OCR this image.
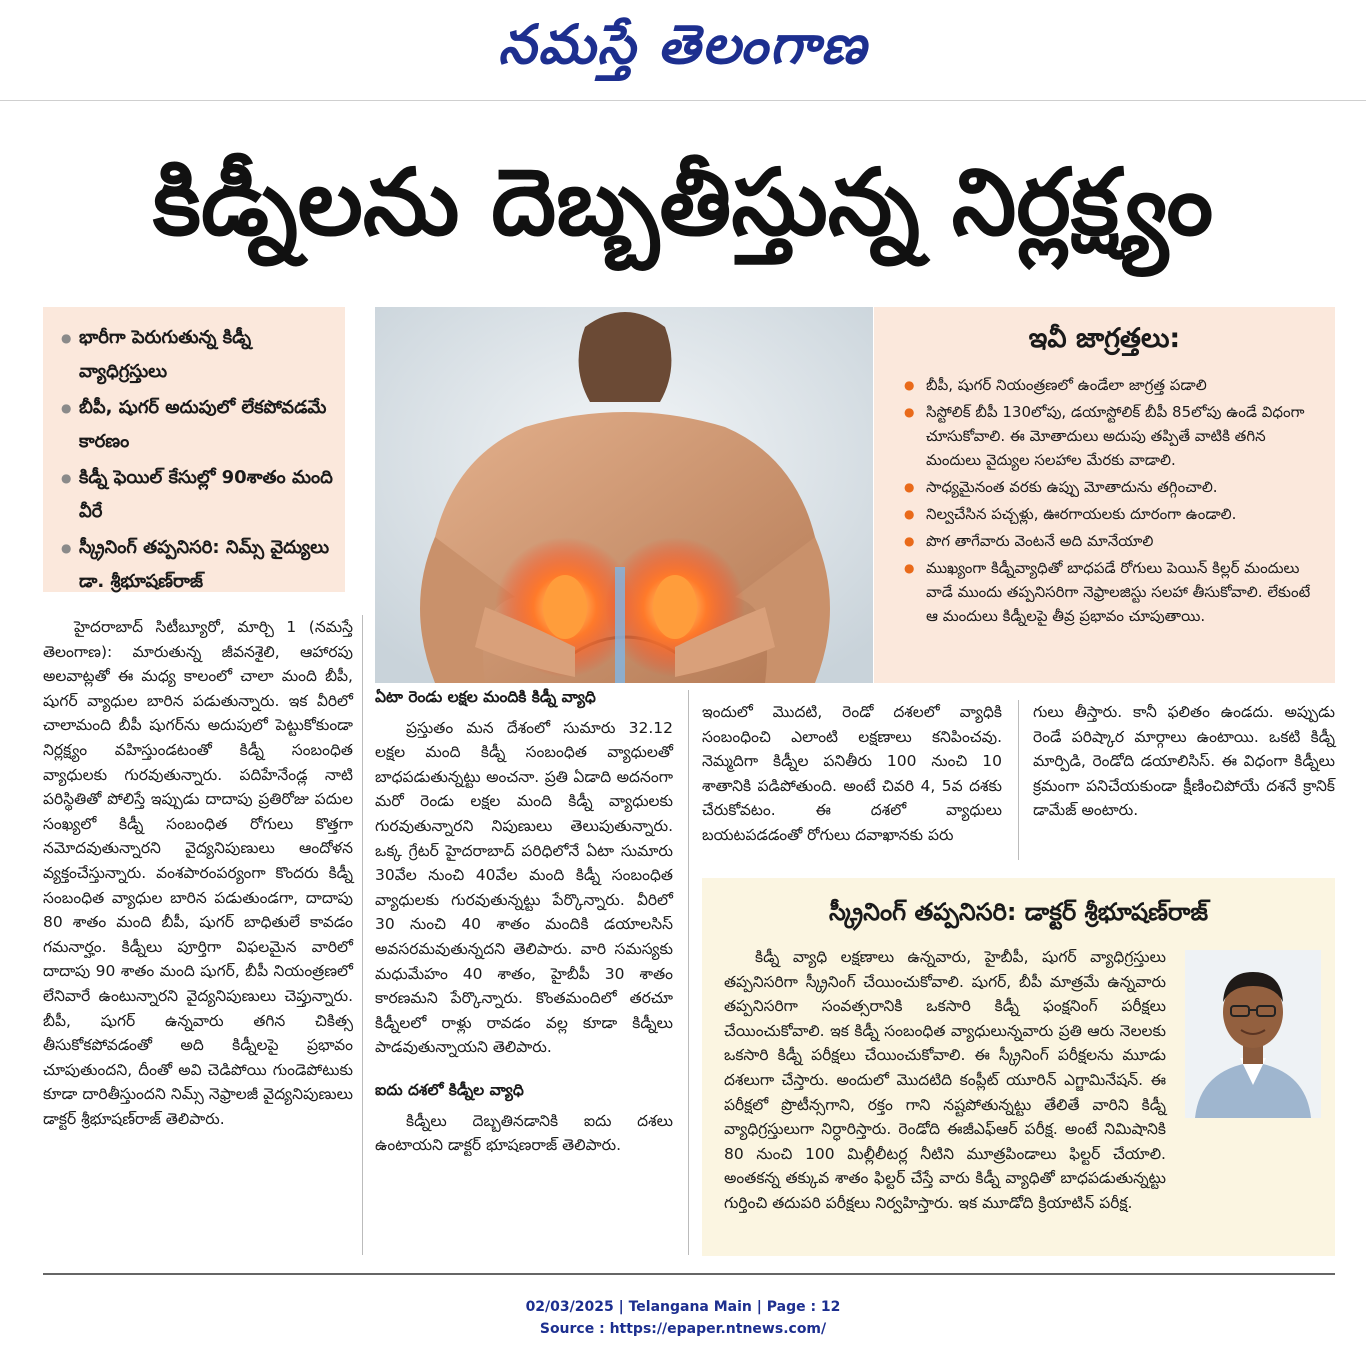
నమస్తే తెలంగాణ
కిడ్నీలను దెబ్బతీస్తున్న నిర్లక్ష్యం
● భారీగా పెరుగుతున్న కిడ్నీ వ్యాధిగ్రస్తులు
● బీపీ, షుగర్ అదుపులో లేకపోవడమే కారణం
● కిడ్నీ ఫెయిల్ కేసుల్లో 90శాతం మంది వీరే
● స్క్రీనింగ్ తప్పనిసరి: నిమ్స్ వైద్యులు డా. శ్రీభూషణ్‌రాజ్
ఇవీ జాగ్రత్తలు:
● బీపీ, షుగర్ నియంత్రణలో ఉండేలా జాగ్రత్త పడాలి
● సిస్టోలిక్ బీపీ 130లోపు, డయాస్టోలిక్ బీపీ 85లోపు ఉండే విధంగా చూసుకోవాలి. ఈ మోతాదులు అదుపు తప్పితే వాటికి తగిన మందులు వైద్యుల సలహాల మేరకు వాడాలి.
● సాధ్యమైనంత వరకు ఉప్పు మోతాదును తగ్గించాలి.
● నిల్వచేసిన పచ్చళ్లు, ఊరగాయలకు దూరంగా ఉండాలి.
● పొగ తాగేవారు వెంటనే అది మానేయాలి
● ముఖ్యంగా కిడ్నీవ్యాధితో బాధపడే రోగులు పెయిన్ కిల్లర్ మందులు వాడే ముందు తప్పనిసరిగా నెఫ్రాలజిస్టు సలహా తీసుకోవాలి. లేకుంటే ఆ మందులు కిడ్నీలపై తీవ్ర ప్రభావం చూపుతాయి.

హైదరాబాద్ సిటీబ్యూరో, మార్చి 1 (నమస్తే తెలంగాణ): మారుతున్న జీవనశైలి, ఆహారపు అలవాట్లతో ఈ మధ్య కాలంలో చాలా మంది బీపీ, షుగర్ వ్యాధుల బారిన పడుతున్నారు. ఇక వీరిలో చాలామంది బీపీ షుగర్‌ను అదుపులో పెట్టుకోకుండా నిర్లక్ష్యం వహిస్తుండటంతో కిడ్నీ సంబంధిత వ్యాధులకు గురవుతున్నారు. పదిహేనేండ్ల నాటి పరిస్థితితో పోలిస్తే ఇప్పుడు దాదాపు ప్రతిరోజు పదుల సంఖ్యలో కిడ్నీ సంబంధిత రోగులు కొత్తగా నమోదవుతున్నారని వైద్యనిపుణులు ఆందోళన వ్యక్తంచేస్తున్నారు. వంశపారంపర్యంగా కొందరు కిడ్నీ సంబంధిత వ్యాధుల బారిన పడుతుండగా, దాదాపు 80 శాతం మంది బీపీ, షుగర్ బాధితులే కావడం గమనార్హం. కిడ్నీలు పూర్తిగా విఫలమైన వారిలో దాదాపు 90 శాతం మంది షుగర్, బీపీ నియంత్రణలో లేనివారే ఉంటున్నారని వైద్యనిపుణులు చెప్తున్నారు. బీపీ, షుగర్ ఉన్నవారు తగిన చికిత్స తీసుకోకపోవడంతో అది కిడ్నీలపై ప్రభావం చూపుతుందని, దీంతో అవి చెడిపోయి గుండెపోటుకు కూడా దారితీస్తుందని నిమ్స్ నెఫ్రాలజీ వైద్యనిపుణులు డాక్టర్ శ్రీభూషణ్‌రాజ్ తెలిపారు.

ఏటా రెండు లక్షల మందికి కిడ్నీ వ్యాధి

ప్రస్తుతం మన దేశంలో సుమారు 32.12 లక్షల మంది కిడ్నీ సంబంధిత వ్యాధులతో బాధపడుతున్నట్టు అంచనా. ప్రతి ఏడాది అదనంగా మరో రెండు లక్షల మంది కిడ్నీ వ్యాధులకు గురవుతున్నారని నిపుణులు తెలుపుతున్నారు. ఒక్క గ్రేటర్ హైదరాబాద్ పరిధిలోనే ఏటా సుమారు 30వేల నుంచి 40వేల మంది కిడ్నీ సంబంధిత వ్యాధులకు గురవుతున్నట్టు పేర్కొన్నారు. వీరిలో 30 నుంచి 40 శాతం మందికి డయాలసిస్ అవసరమవుతున్నదని తెలిపారు. వారి సమస్యకు మధుమేహం 40 శాతం, హైబీపీ 30 శాతం కారణమని పేర్కొన్నారు. కొంతమందిలో తరచూ కిడ్నీలలో రాళ్లు రావడం వల్ల కూడా కిడ్నీలు పాడవుతున్నాయని తెలిపారు.

ఐదు దశలో కిడ్నీల వ్యాధి

కిడ్నీలు దెబ్బతినడానికి ఐదు దశలు ఉంటాయని డాక్టర్ భూషణరాజ్ తెలిపారు.

ఇందులో మొదటి, రెండో దశలలో వ్యాధికి సంబంధించి ఎలాంటి లక్షణాలు కనిపించవు. నెమ్మదిగా కిడ్నీల పనితీరు 100 నుంచి 10 శాతానికి పడిపోతుంది. అంటే చివరి 4, 5వ దశకు చేరుకోవటం. ఈ దశలో వ్యాధులు బయటపడడంతో రోగులు దవాఖానకు పరు

గులు తీస్తారు. కానీ ఫలితం ఉండదు. అప్పుడు రెండే పరిష్కార మార్గాలు ఉంటాయి. ఒకటి కిడ్నీ మార్పిడి, రెండోది డయాలిసిస్. ఈ విధంగా కిడ్నీలు క్రమంగా పనిచేయకుండా క్షీణించిపోయే దశనే క్రానిక్ డామేజ్ అంటారు.

స్క్రీనింగ్ తప్పనిసరి: డాక్టర్ శ్రీభూషణ్‌రాజ్

కిడ్నీ వ్యాధి లక్షణాలు ఉన్నవారు, హైబీపీ, షుగర్ వ్యాధిగ్రస్తులు తప్పనిసరిగా స్క్రీనింగ్ చేయించుకోవాలి. షుగర్, బీపీ మాత్రమే ఉన్నవారు తప్పనిసరిగా సంవత్సరానికి ఒకసారి కిడ్నీ ఫంక్షనింగ్ పరీక్షలు చేయించుకోవాలి. ఇక కిడ్నీ సంబంధిత వ్యాధులున్నవారు ప్రతి ఆరు నెలలకు ఒకసారి కిడ్నీ పరీక్షలు చేయించుకోవాలి. ఈ స్క్రీనింగ్ పరీక్షలను మూడు దశలుగా చేస్తారు. అందులో మొదటిది కంప్లీట్ యూరిన్ ఎగ్జామినేషన్. ఈ పరీక్షలో ప్రొటీన్సగాని, రక్తం గాని నష్టపోతున్నట్టు తేలితే వారిని కిడ్నీ వ్యాధిగ్రస్తులుగా నిర్ధారిస్తారు. రెండోది ఈజీఎఫ్‌ఆర్ పరీక్ష. అంటే నిమిషానికి 80 నుంచి 100 మిల్లీలీటర్ల నీటిని మూత్రపిండాలు ఫిల్టర్ చేయాలి. అంతకన్న తక్కువ శాతం ఫిల్టర్ చేస్తే వారు కిడ్నీ వ్యాధితో బాధపడుతున్నట్టు గుర్తించి తదుపరి పరీక్షలు నిర్వహిస్తారు. ఇక మూడోది క్రియాటిన్ పరీక్ష.

02/03/2025 | Telangana Main | Page : 12
Source : https://epaper.ntnews.com/
